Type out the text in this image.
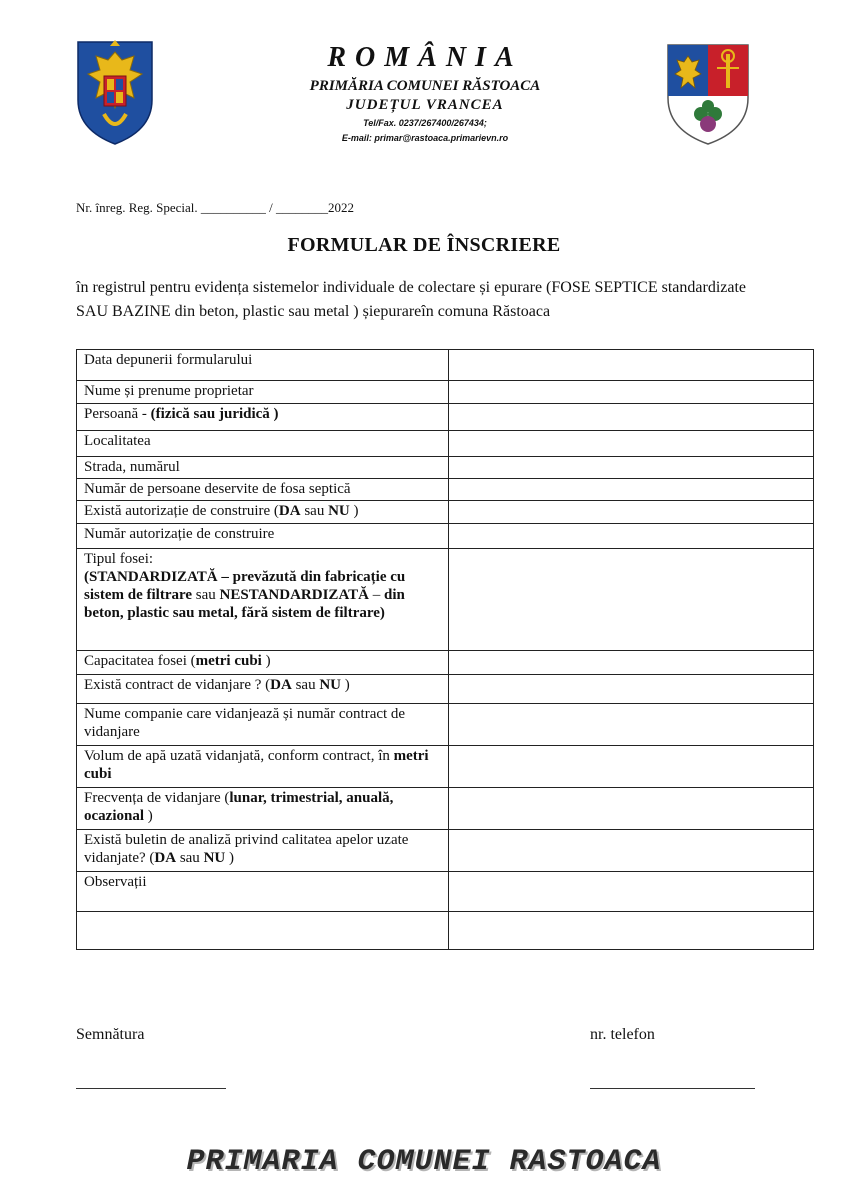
ROMÂNIA
PRIMĂRIA COMUNEI RĂSTOACA
JUDEȚUL VRANCEA
Tel/Fax. 0237/267400/267434;
E-mail: primar@rastoaca.primarievn.ro
Nr. înreg. Reg. Special. __________ / ________2022
FORMULAR DE ÎNSCRIERE
în registrul pentru evidența sistemelor individuale de colectare și epurare (FOSE SEPTICE standardizate SAU BAZINE din beton, plastic sau metal ) șiepurareîn comuna Răstoaca
Data depunerii formularului	
Nume și prenume proprietar	
Persoană - (fizică sau juridică )	
Localitatea	
Strada, numărul	
Număr de persoane deservite de fosa septică	
Există autorizație de construire (DA sau NU )	
Număr autorizație de construire	
Tipul fosei:
(STANDARDIZATĂ – prevăzută din fabricație cu sistem de filtrare sau NESTANDARDIZATĂ – din beton, plastic sau metal, fără sistem de filtrare)	
Capacitatea fosei (metri cubi )	
Există contract de vidanjare ? (DA sau NU )	
Nume companie care vidanjează și număr contract de vidanjare	
Volum de apă uzată vidanjată, conform contract, în metri cubi	
Frecvența de vidanjare (lunar, trimestrial, anuală, ocazional )	
Există buletin de analiză privind calitatea apelor uzate vidanjate? (DA sau NU )	
Observații	

Semnătura	nr. telefon
PRIMARIA COMUNEI RASTOACA
